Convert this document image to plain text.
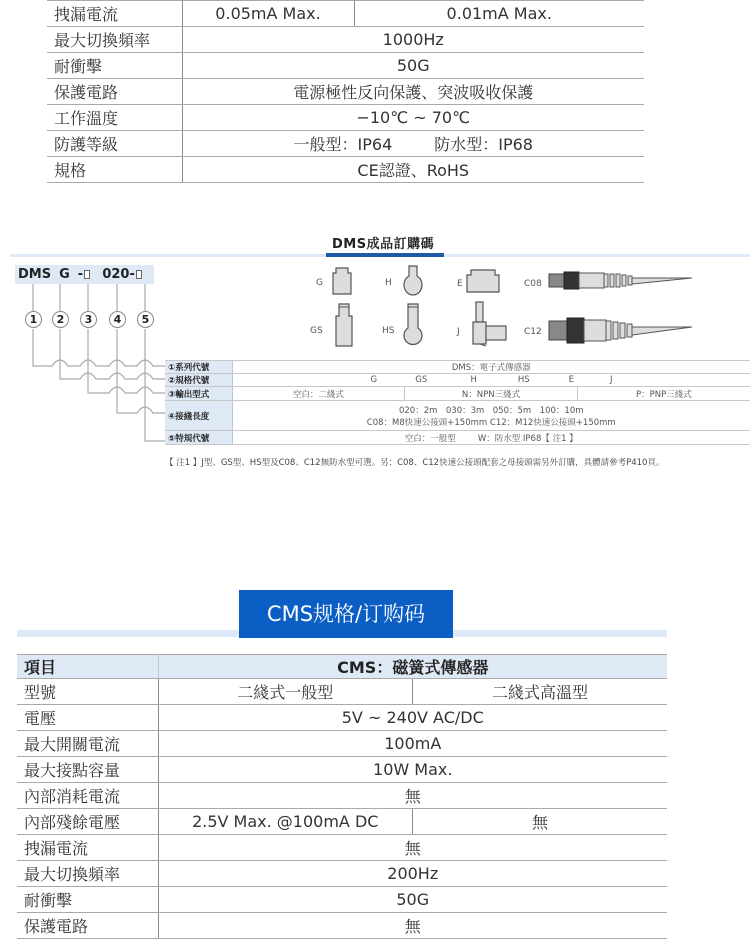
拽漏電流	0.05mA Max.	0.01mA Max.
最大切換頻率	1000Hz	
耐衝擊	50G	
保護電路	電源極性反向保護、突波吸收保護	
工作溫度	−10℃ ~ 70℃	
防護等級	一般型：IP64 防水型：IP68	
規格	CE認證、RoHS	
DMS成品訂購碼
DMS G - 020-
1	2	3	4	5
G	H	E	C08
GS	HS	J	C12
①系列代號	DMS：電子式傳感器		
②規格代號	G GS H HS E J		
③輸出型式	空白：二綫式	N：NPN三綫式	P：PNP三綫式
④接綫長度	020：2m　030：3m　050：5m　100：10m
C08：M8快速公接頭+150mm C12：M12快速公接頭+150mm		

⑤特規代號	空白：一般型 W：防水型 IP68【 注1 】		
【 注1 】J型、GS型、HS型及C08、C12無防水型可選。另：C08、C12快速公接頭配套之母接頭需另外訂購，具體請參考P410頁。
CMS规格/订购码
項目	CMS：磁簧式傳感器	
型號	二綫式一般型	二綫式高溫型
電壓	5V ~ 240V AC/DC	
最大開關電流	100mA	
最大接點容量	10W Max.	
內部消耗電流	無	
內部殘餘電壓	2.5V Max. @100mA DC	無
拽漏電流	無	
最大切換頻率	200Hz	
耐衝擊	50G	
保護電路	無	
